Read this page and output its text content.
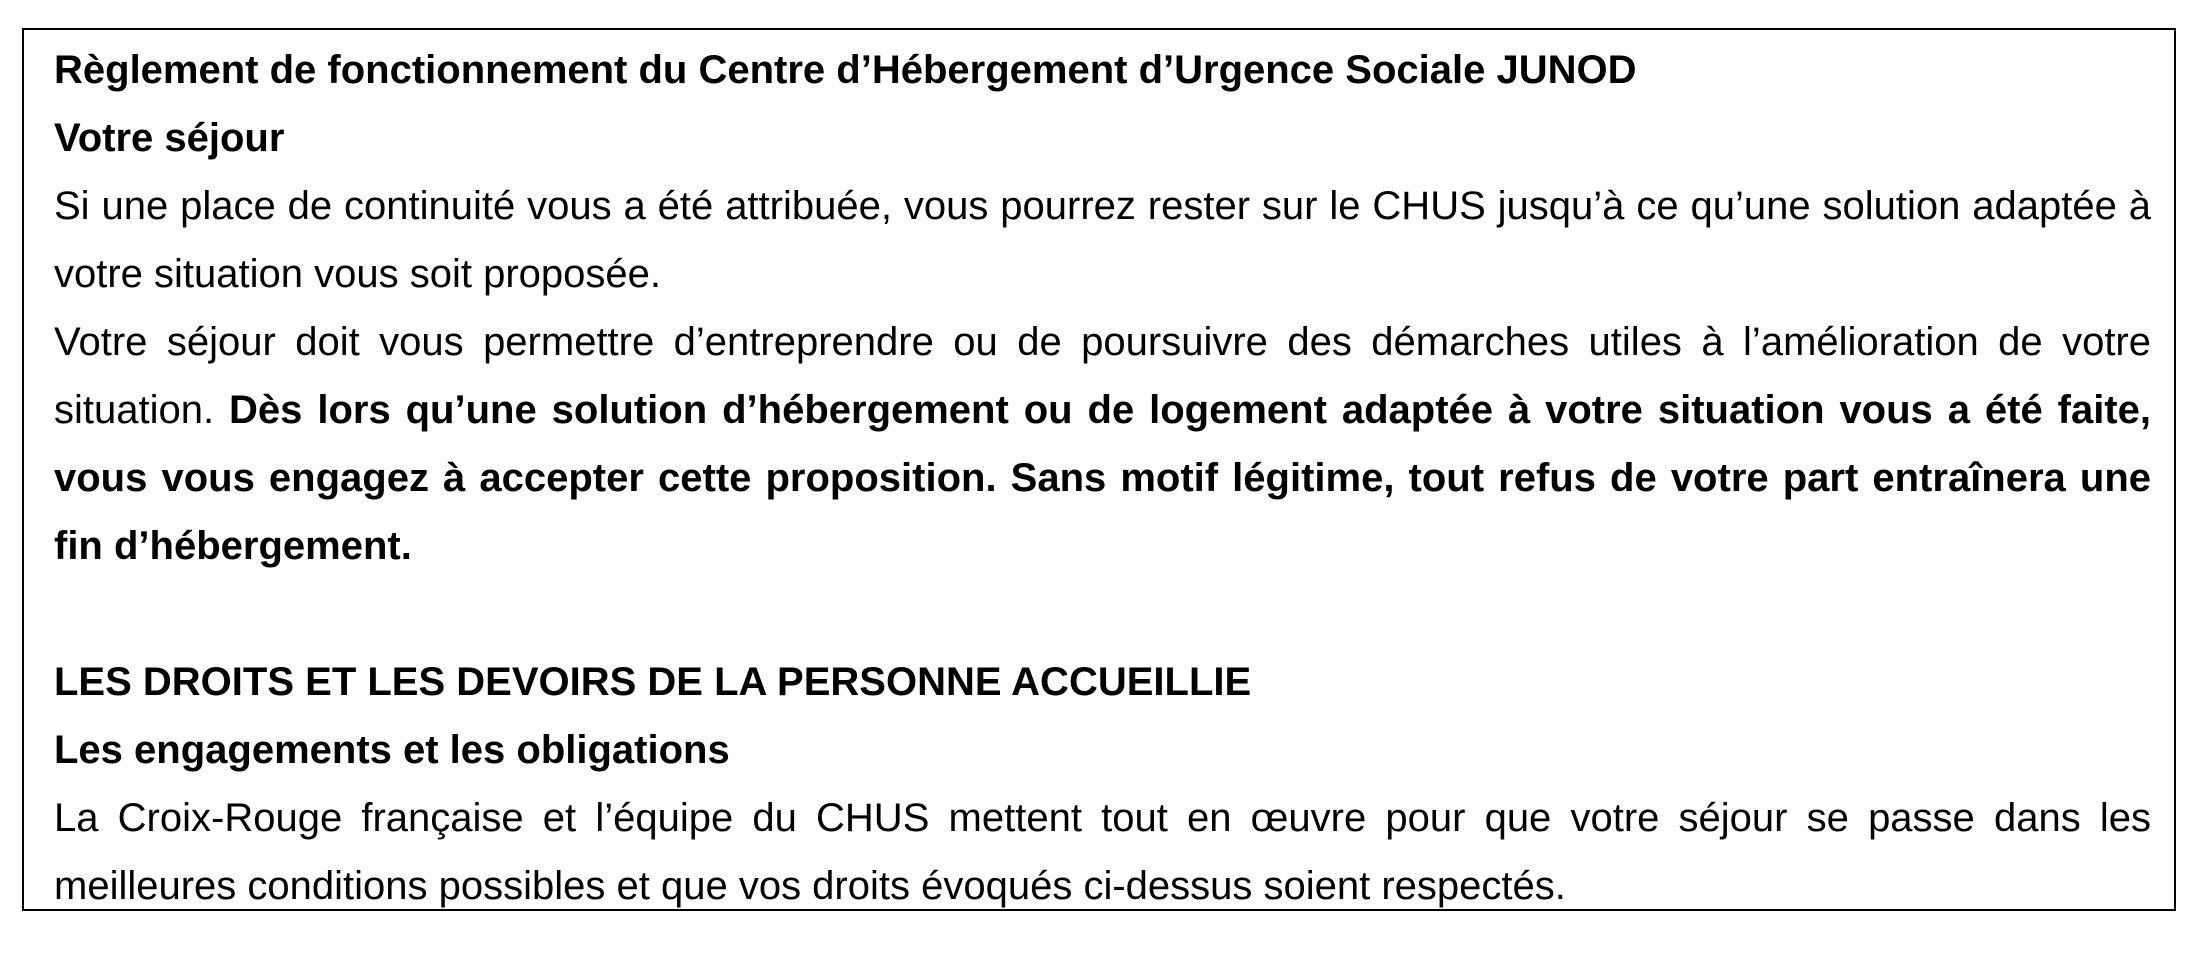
Règlement de fonctionnement du Centre d’Hébergement d’Urgence Sociale JUNOD

Votre séjour

Si une place de continuité vous a été attribuée, vous pourrez rester sur le CHUS jusqu’à ce qu’une solution adaptée à votre situation vous soit proposée.

Votre séjour doit vous permettre d’entreprendre ou de poursuivre des démarches utiles à l’amélioration de votre situation. Dès lors qu’une solution d’hébergement ou de logement adaptée à votre situation vous a été faite, vous vous engagez à accepter cette proposition. Sans motif légitime, tout refus de votre part entraînera une fin d’hébergement.

LES DROITS ET LES DEVOIRS DE LA PERSONNE ACCUEILLIE

Les engagements et les obligations

La Croix-Rouge française et l’équipe du CHUS mettent tout en œuvre pour que votre séjour se passe dans les meilleures conditions possibles et que vos droits évoqués ci-dessus soient respectés.
